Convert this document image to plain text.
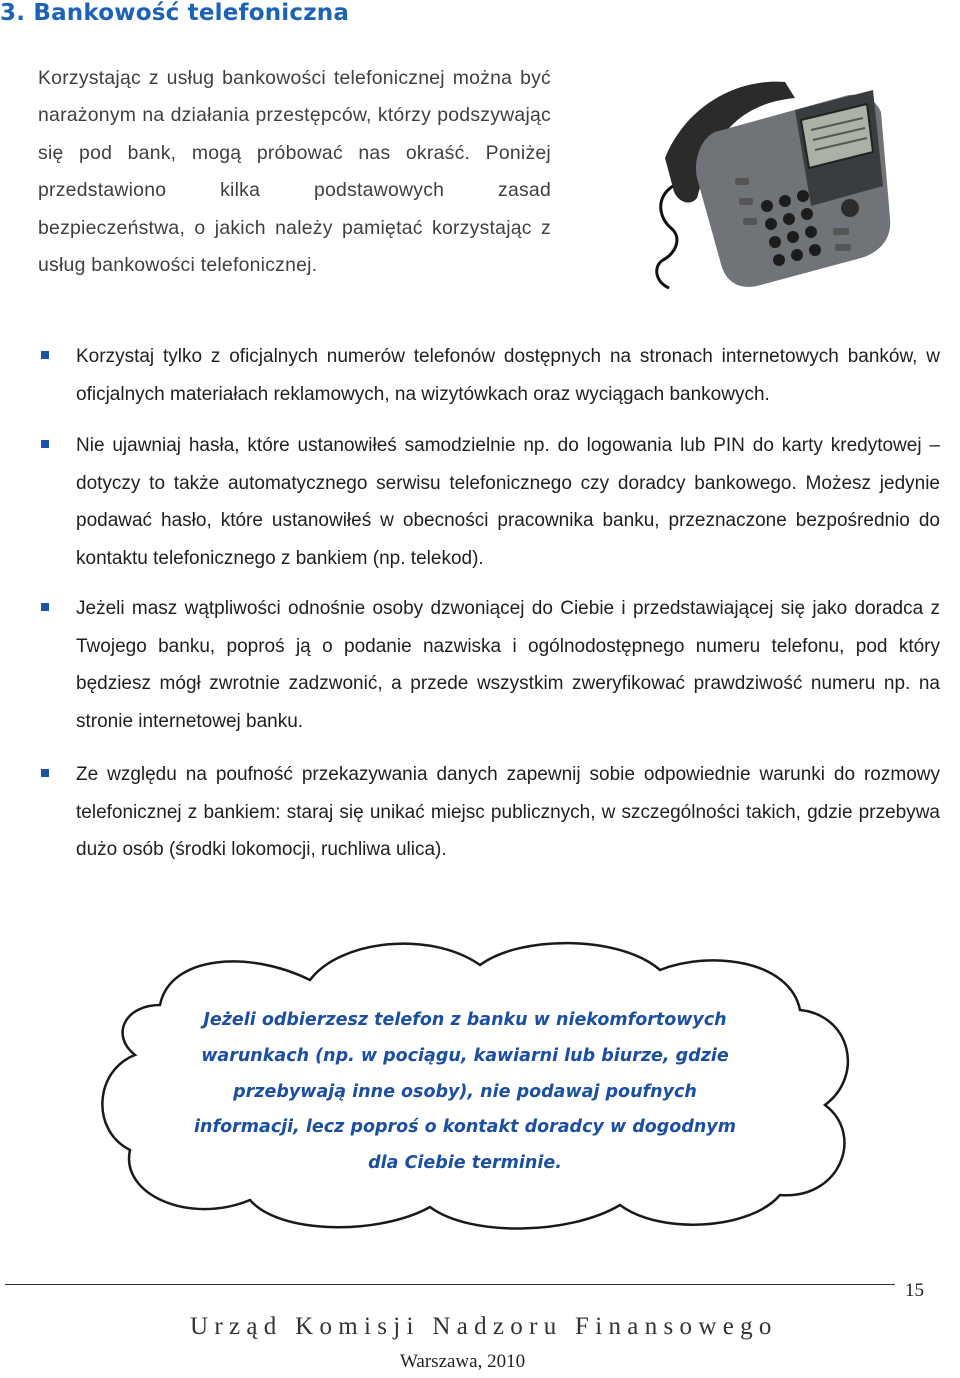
3. Bankowość telefoniczna
Korzystając z usług bankowości telefonicznej można być narażonym na działania przestępców, którzy podszywając się pod bank, mogą próbować nas okraść. Poniżej przedstawiono kilka podstawowych zasad bezpieczeństwa, o jakich należy pamiętać korzystając z usług bankowości telefonicznej.
Korzystaj tylko z oficjalnych numerów telefonów dostępnych na stronach internetowych banków, w oficjalnych materiałach reklamowych, na wizytówkach oraz wyciągach bankowych.
Nie ujawniaj hasła, które ustanowiłeś samodzielnie np. do logowania lub PIN do karty kredytowej – dotyczy to także automatycznego serwisu telefonicznego czy doradcy bankowego. Możesz jedynie podawać hasło, które ustanowiłeś w obecności pracownika banku, przeznaczone bezpośrednio do kontaktu telefonicznego z bankiem (np. telekod).
Jeżeli masz wątpliwości odnośnie osoby dzwoniącej do Ciebie i przedstawiającej się jako doradca z Twojego banku, poproś ją o podanie nazwiska i ogólnodostępnego numeru telefonu, pod który będziesz mógł zwrotnie zadzwonić, a przede wszystkim zweryfikować prawdziwość numeru np. na stronie internetowej banku.
Ze względu na poufność przekazywania danych zapewnij sobie odpowiednie warunki do rozmowy telefonicznej z bankiem: staraj się unikać miejsc publicznych, w szczególności takich, gdzie przebywa dużo osób (środki lokomocji, ruchliwa ulica).
Jeżeli odbierzesz telefon z banku w niekomfortowych
warunkach (np. w pociągu, kawiarni lub biurze, gdzie
przebywają inne osoby), nie podawaj poufnych
informacji, lecz poproś o kontakt doradcy w dogodnym
dla Ciebie terminie.
15
Urząd Komisji Nadzoru Finansowego
Warszawa, 2010
